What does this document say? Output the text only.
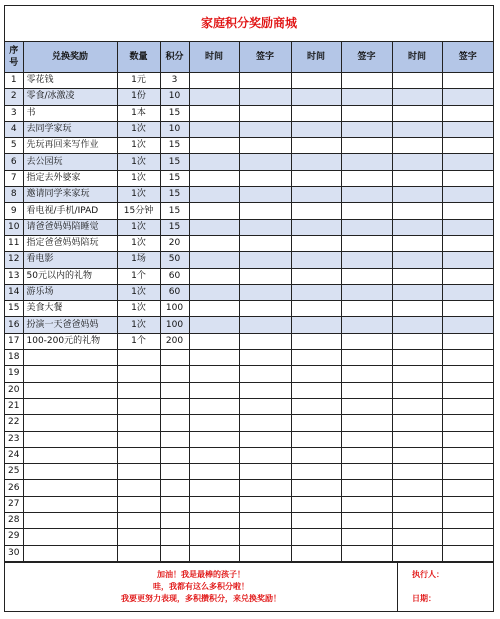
家庭积分奖励商城
序号	兑换奖励	数量	积分	时间	签字	时间	签字	时间	签字
1	零花钱	1元	3						
2	零食/冰激凌	1份	10						
3	书	1本	15						
4	去同学家玩	1次	10						
5	先玩再回来写作业	1次	15						
6	去公园玩	1次	15						
7	指定去外婆家	1次	15						
8	邀请同学来家玩	1次	15						
9	看电视/手机/IPAD	15分钟	15						
10	请爸爸妈妈陪睡觉	1次	15						
11	指定爸爸妈妈陪玩	1次	20						
12	看电影	1场	50						
13	50元以内的礼物	1个	60						
14	游乐场	1次	60						
15	美食大餐	1次	100						
16	扮演一天爸爸妈妈	1次	100						
17	100-200元的礼物	1个	200						
18									
19									
20									
21									
22									
23									
24									
25									
26									
27									
28									
29									
30									
加油！我是最棒的孩子！
哇，我都有这么多积分啦！
我要更努力表现，多积攒积分，来兑换奖励！
执行人：
日期：
